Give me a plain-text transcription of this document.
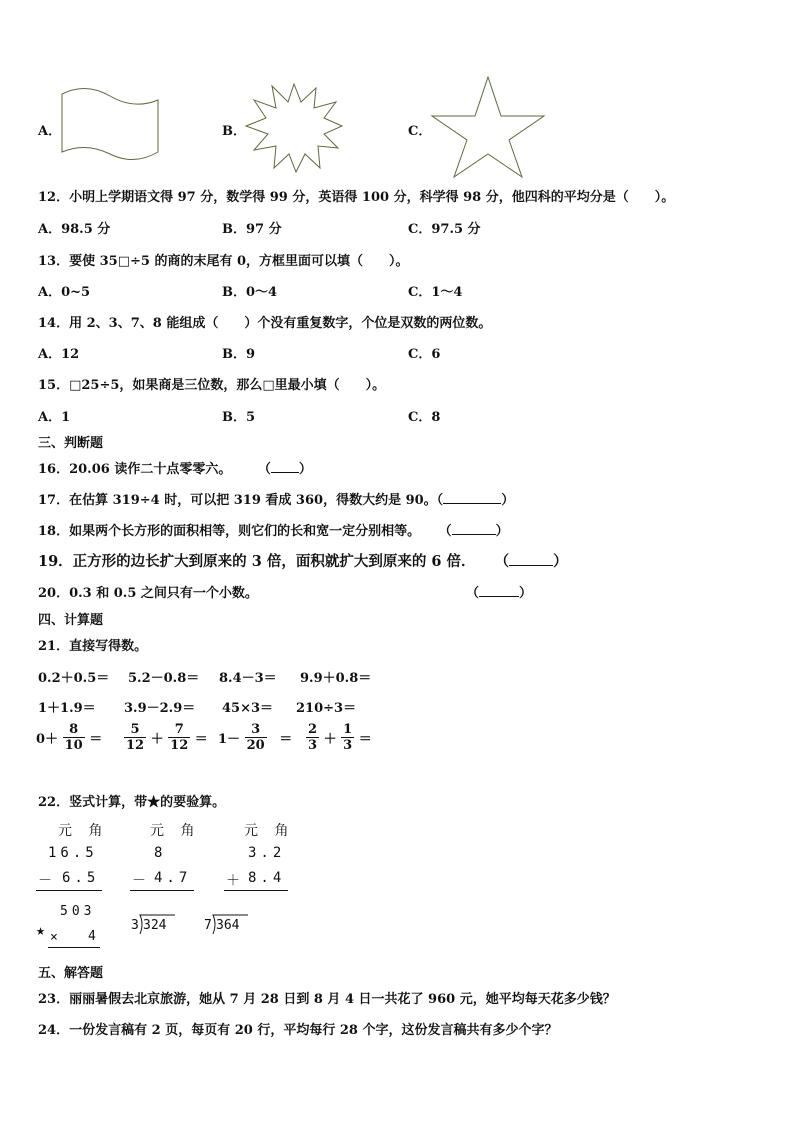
A．	B．	C．
12．小明上学期语文得 97 分，数学得 99 分，英语得 100 分，科学得 98 分，他四科的平均分是（　　）。
A．98.5 分	B．97 分	C．97.5 分
13．要使 35□÷5 的商的末尾有 0，方框里面可以填（　　）。
A．0~5	B．0～4	C．1～4
14．用 2、3、7、8 能组成（　　）个没有重复数字，个位是双数的两位数。
A．12	B．9	C．6
15．□25÷5，如果商是三位数，那么□里最小填（　　）。
A．1	B．5	C．8
三、判断题
16．20.06 读作二十点零零六。 （ ）
17．在估算 319÷4 时，可以把 319 看成 360，得数大约是 90。（	）
18．如果两个长方形的面积相等，则它们的长和宽一定分别相等。 （	）
19．正方形的边长扩大到原来的 3 倍，面积就扩大到原来的 6 倍． （	）
20．0.3 和 0.5 之间只有一个小数。	（	）
四、计算题
21．直接写得数。
0.2＋0.5＝ 5.2－0.8＝ 8.4－3＝ 9.9＋0.8＝
1＋1.9＝ 3.9－2.9＝ 45×3＝ 210÷3＝
$0+ \frac{8}{10} = \frac{5}{12} + \frac{7}{12} = 1- \frac{3}{20} = \frac{2}{3} + \frac{1}{3}$ ＝
22．竖式计算，带★的要验算。
元 角
16.5
－ 6.5
元 角
8
－ 4.7
元 角
3.2
＋ 8.4
503
★ × 4
3 324	7 364
五、解答题
23．丽丽暑假去北京旅游，她从 7 月 28 日到 8 月 4 日一共花了 960 元，她平均每天花多少钱？
24．一份发言稿有 2 页，每页有 20 行，平均每行 28 个字，这份发言稿共有多少个字？
